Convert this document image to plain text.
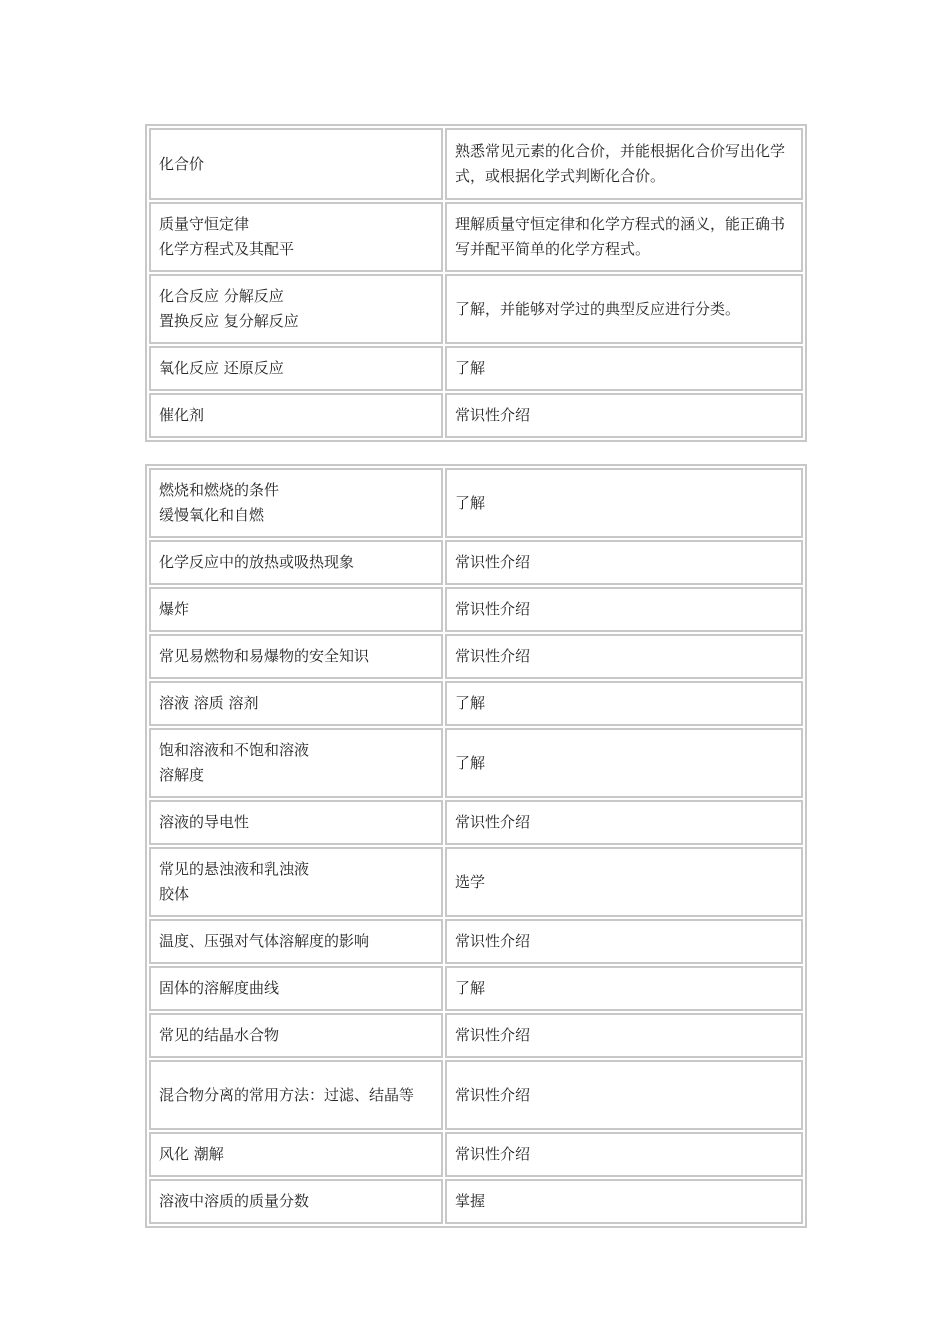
化合价	熟悉常见元素的化合价，并能根据化合价写出化学式，或根据化学式判断化合价。

质量守恒定律
化学方程式及其配平	理解质量守恒定律和化学方程式的涵义，能正确书写并配平简单的化学方程式。

化合反应 分解反应
置换反应 复分解反应	了解，并能够对学过的典型反应进行分类。

氧化反应 还原反应	了解

催化剂	常识性介绍
燃烧和燃烧的条件
缓慢氧化和自燃	了解

化学反应中的放热或吸热现象	常识性介绍

爆炸	常识性介绍

常见易燃物和易爆物的安全知识	常识性介绍

溶液 溶质 溶剂	了解

饱和溶液和不饱和溶液
溶解度	了解

溶液的导电性	常识性介绍

常见的悬浊液和乳浊液
胶体	选学

温度、压强对气体溶解度的影响	常识性介绍

固体的溶解度曲线	了解

常见的结晶水合物	常识性介绍

混合物分离的常用方法：过滤、结晶等	常识性介绍

风化 潮解	常识性介绍

溶液中溶质的质量分数	掌握
